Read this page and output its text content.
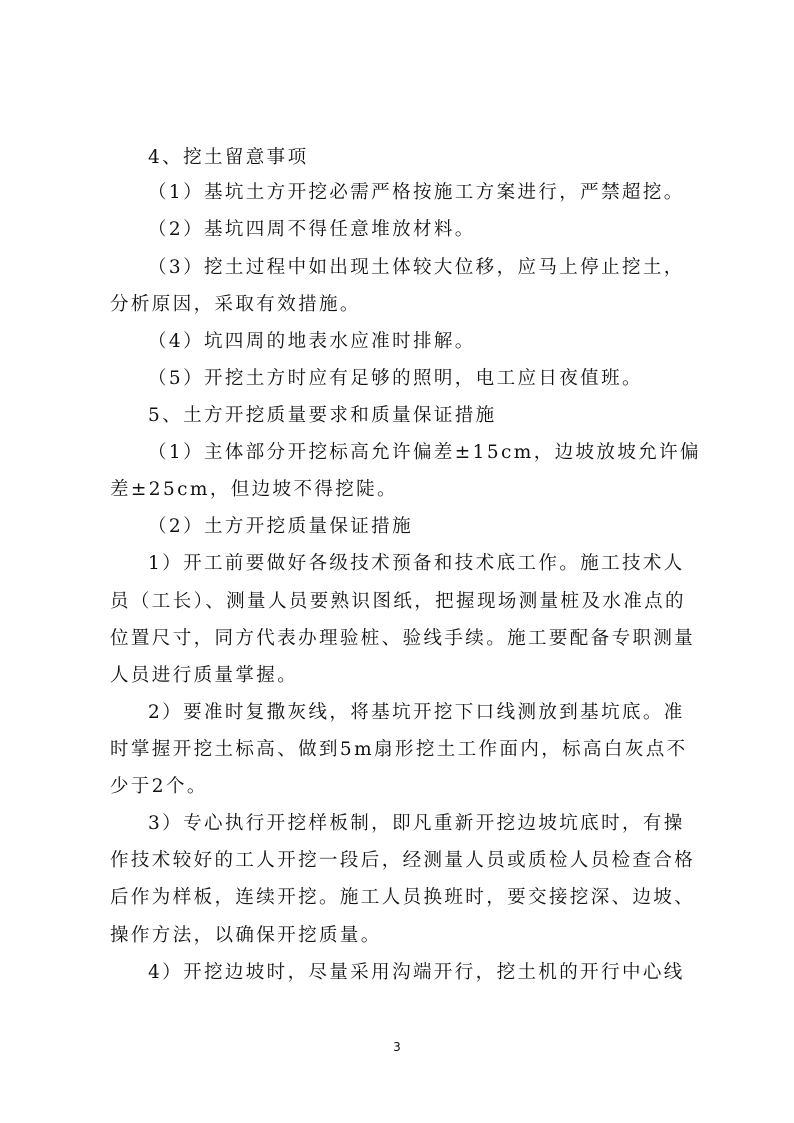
4、挖土留意事项
（1）基坑土方开挖必需严格按施工方案进行，严禁超挖。
（2）基坑四周不得任意堆放材料。
（3）挖土过程中如出现土体较大位移，应马上停止挖土，
分析原因，采取有效措施。
（4）坑四周的地表水应准时排解。
（5）开挖土方时应有足够的照明，电工应日夜值班。
5、土方开挖质量要求和质量保证措施
（1）主体部分开挖标高允许偏差±15cm，边坡放坡允许偏
差±25cm，但边坡不得挖陡。
（2）土方开挖质量保证措施
1）开工前要做好各级技术预备和技术底工作。施工技术人
员（工长）、测量人员要熟识图纸，把握现场测量桩及水准点的
位置尺寸，同方代表办理验桩、验线手续。施工要配备专职测量
人员进行质量掌握。
2）要准时复撒灰线，将基坑开挖下口线测放到基坑底。准
时掌握开挖土标高、做到5m扇形挖土工作面内，标高白灰点不
少于2个。
3）专心执行开挖样板制，即凡重新开挖边坡坑底时，有操
作技术较好的工人开挖一段后，经测量人员或质检人员检查合格
后作为样板，连续开挖。施工人员换班时，要交接挖深、边坡、
操作方法，以确保开挖质量。
4）开挖边坡时，尽量采用沟端开行，挖土机的开行中心线
3
